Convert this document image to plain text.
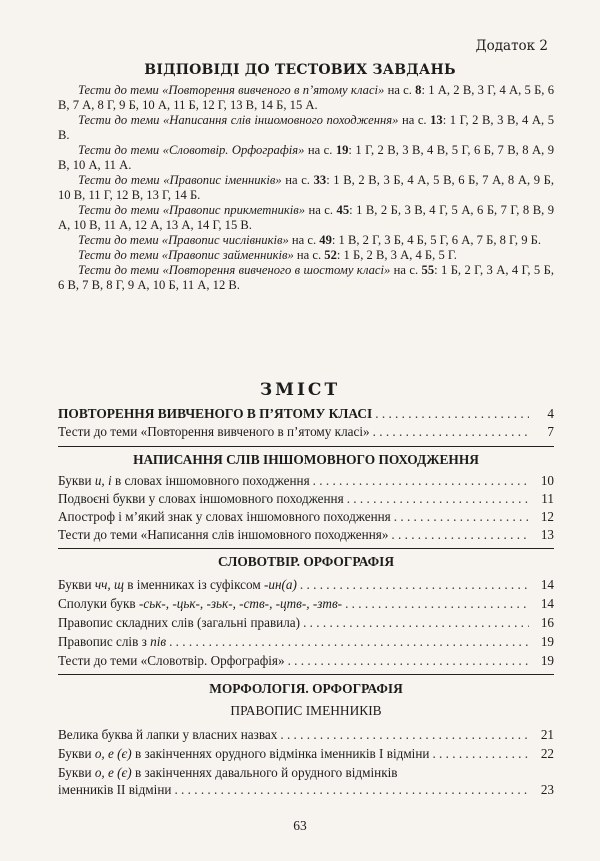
Додаток 2
ВІДПОВІДІ ДО ТЕСТОВИХ ЗАВДАНЬ

Тести до теми «Повторення вивченого в п’ятому класі» на с. 8: 1 А, 2 В, 3 Г, 4 А, 5 Б, 6 В, 7 А, 8 Г, 9 Б, 10 А, 11 Б, 12 Г, 13 В, 14 Б, 15 А.

Тести до теми «Написання слів іншомовного походження» на с. 13: 1 Г, 2 В, 3 В, 4 А, 5 В.

Тести до теми «Словотвір. Орфографія» на с. 19: 1 Г, 2 В, 3 В, 4 В, 5 Г, 6 Б, 7 В, 8 А, 9 В, 10 А, 11 А.

Тести до теми «Правопис іменників» на с. 33: 1 В, 2 В, 3 Б, 4 А, 5 В, 6 Б, 7 А, 8 А, 9 Б, 10 В, 11 Г, 12 В, 13 Г, 14 Б.

Тести до теми «Правопис прикметників» на с. 45: 1 В, 2 Б, 3 В, 4 Г, 5 А, 6 Б, 7 Г, 8 В, 9 А, 10 В, 11 А, 12 А, 13 А, 14 Г, 15 В.

Тести до теми «Правопис числівників» на с. 49: 1 В, 2 Г, 3 Б, 4 Б, 5 Г, 6 А, 7 Б, 8 Г, 9 Б.

Тести до теми «Правопис займенників» на с. 52: 1 Б, 2 В, 3 А, 4 Б, 5 Г.

Тести до теми «Повторення вивченого в шостому класі» на с. 55: 1 Б, 2 Г, 3 А, 4 Г, 5 Б, 6 В, 7 В, 8 Г, 9 А, 10 Б, 11 А, 12 В.

ЗМІСТ
ПОВТОРЕННЯ ВИВЧЕНОГО В П’ЯТОМУ КЛАСІ . . .	4
Тести до теми «Повторення вивченого в п’ятому класі» . . .	7
НАПИСАННЯ СЛІВ ІНШОМОВНОГО ПОХОДЖЕННЯ
Букви и, і в словах іншомовного походження . . .	10
Подвоєні букви у словах іншомовного походження . . .	11
Апостроф і м’який знак у словах іншомовного походження . . .	12
Тести до теми «Написання слів іншомовного походження» . . .	13
СЛОВОТВІР. ОРФОГРАФІЯ
Букви чч, щ в іменниках із суфіксом -ин(а) . . .	14
Сполуки букв -ськ-, -цьк-, -зьк-, -ств-, -цтв-, -зтв- . . .	14
Правопис складних слів (загальні правила) . . .	16
Правопис слів з пів . . .	19
Тести до теми «Словотвір. Орфографія» . . .	19
МОРФОЛОГІЯ. ОРФОГРАФІЯ
ПРАВОПИС ІМЕННИКІВ
Велика буква й лапки у власних назвах . . .	21
Букви о, е (є) в закінченнях орудного відмінка іменників І відміни . . .	22
Букви о, е (є) в закінченнях давального й орудного відмінків
іменників ІІ відміни . . .	23
63
